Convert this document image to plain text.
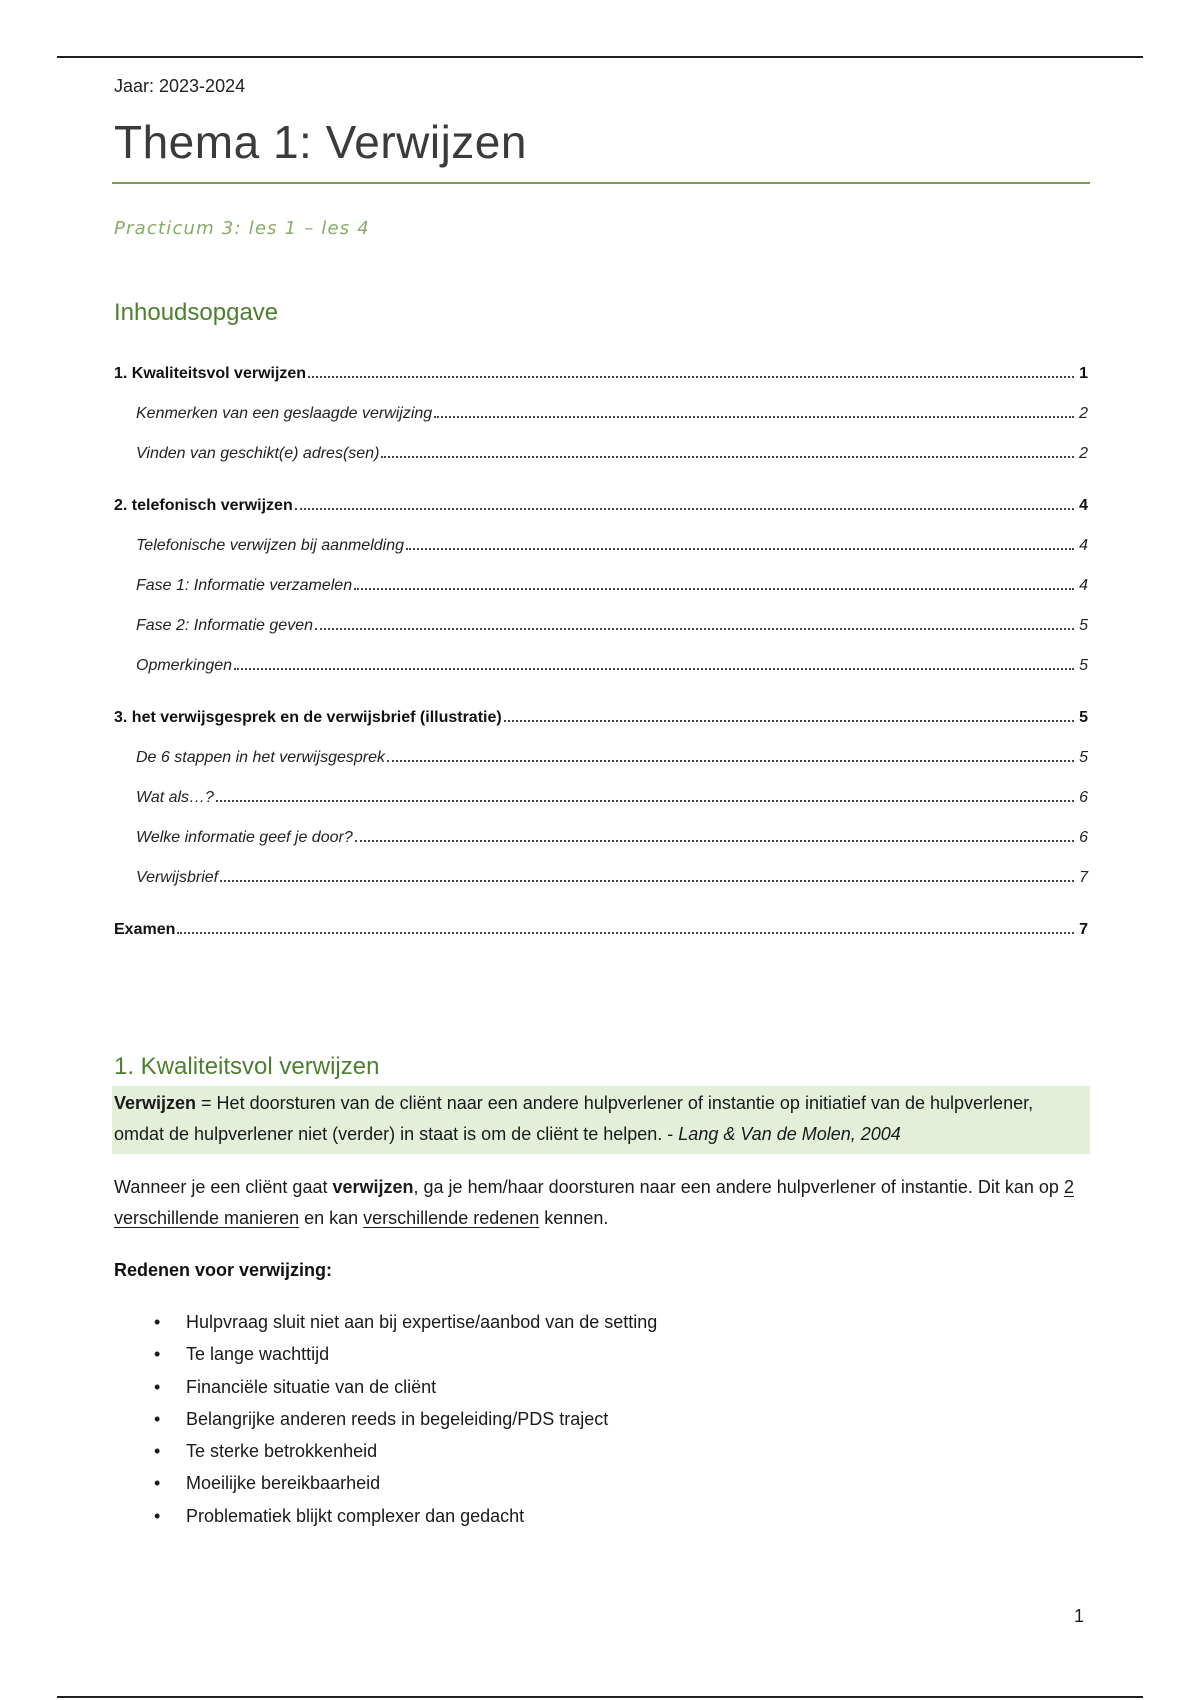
Jaar: 2023-2024

Thema 1: Verwijzen

Practicum 3: les 1 – les 4

Inhoudsopgave
1. Kwaliteitsvol verwijzen	1
Kenmerken van een geslaagde verwijzing	2
Vinden van geschikt(e) adres(sen)	2
2. telefonisch verwijzen	4
Telefonische verwijzen bij aanmelding	4
Fase 1: Informatie verzamelen	4
Fase 2: Informatie geven	5
Opmerkingen	5
3. het verwijsgesprek en de verwijsbrief (illustratie)	5
De 6 stappen in het verwijsgesprek	5
Wat als…?	6
Welke informatie geef je door?	6
Verwijsbrief	7
Examen	7
1. Kwaliteitsvol verwijzen
Verwijzen = Het doorsturen van de cliënt naar een andere hulpverlener of instantie op initiatief van de hulpverlener, omdat de hulpverlener niet (verder) in staat is om de cliënt te helpen. - Lang & Van de Molen, 2004

Wanneer je een cliënt gaat verwijzen, ga je hem/haar doorsturen naar een andere hulpverlener of instantie. Dit kan op 2 verschillende manieren en kan verschillende redenen kennen.

Redenen voor verwijzing:

•	Hulpvraag sluit niet aan bij expertise/aanbod van de setting
•	Te lange wachttijd
•	Financiële situatie van de cliënt
•	Belangrijke anderen reeds in begeleiding/PDS traject
•	Te sterke betrokkenheid
•	Moeilijke bereikbaarheid
•	Problematiek blijkt complexer dan gedacht
1
